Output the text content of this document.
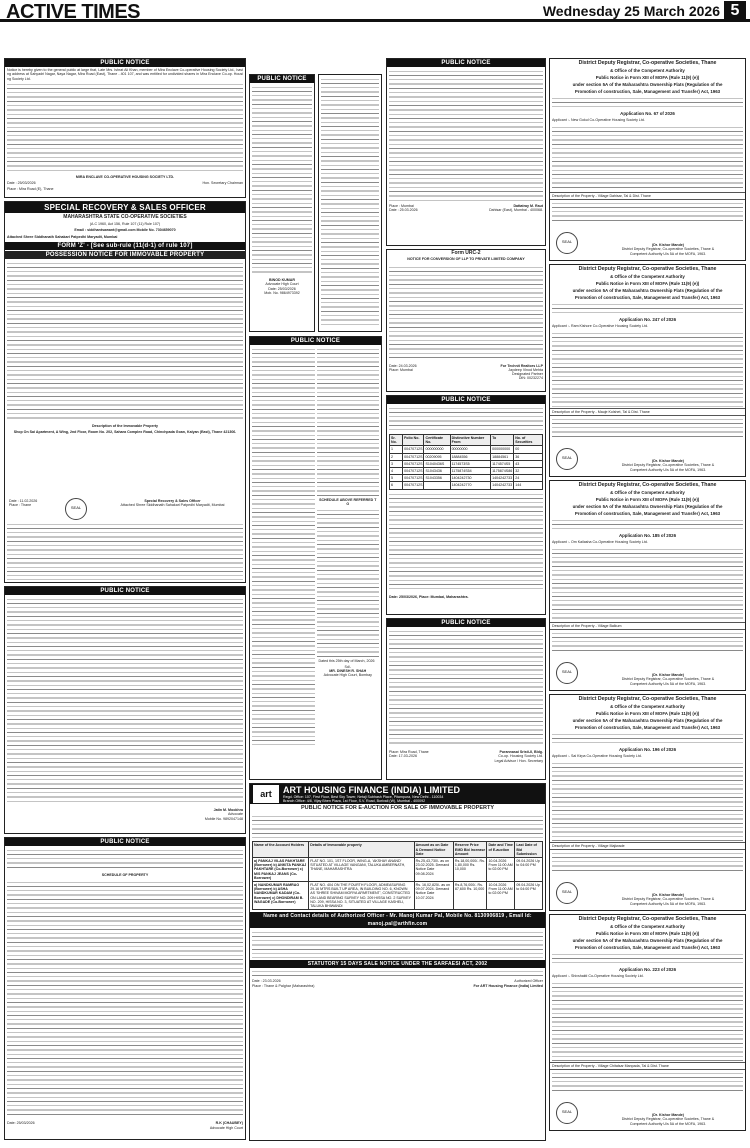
ACTIVE TIMES	Wednesday 25 March 2026 5
PUBLIC NOTICE
Notice is hereby given to the general public at large that, Late Mrs. Ishrat Ali Khan, member of Mira Enclave Co-operative Housing Society Ltd., having address at Sahyadri Nagar, Naya Nagar, Mira Road (East), Thane - 401 107, and was entitled for undivided shares in Mira Enclave Co-op. Housing Society Ltd.
MIRA ENCLAVE CO-OPERATIVE HOUSING SOCIETY LTD.
Date : 25/03/2026	Hon. Secretary Chairman
Place : Mira Road (E), Thane
SPECIAL RECOVERY & SALES OFFICER
MAHARASHTRA STATE CO-OPERATIVE SOCIETIES
(A.C 1960, Act 156, Rule 107 (11) Rule 107)
Email : siddhantsawant@gmail.com Mobile No. 7304659070
Attached Shree Siddhanath Sahakari Patpedhi Maryadit, Mumbai
FORM 'Z' - [See sub-rule (11(d-1) of rule 107]
POSSESSION NOTICE FOR IMMOVABLE PROPERTY
Description of the Immovable Property
Shop On Sai Apartment, A Wing, 2nd Floor, Room No. 202, Sahara Complex Road, Chinchpada Goan, Kalyan (East), Thane 421306.
SEAL
Date : 11.02.2026
Place : Thane
Special Recovery & Sales Officer
Attached Shree Siddhanath Sahakari Patpedhi Maryadit, Mumbai
PUBLIC NOTICE
Jatin M. Mookhra
Advocate
Mobile No. 9892047148
PUBLIC NOTICE
SCHEDULE OF PROPERTY
Date: 25/03/2026	R.K (CHAUBEY)
Advocate High Court
PUBLIC NOTICE
BINOD KUMAR
Advocate High Court
Date: 25/03/2026
Mob. No. 9864973392
PUBLIC NOTICE
SCHEDULE ABOVE REFERRED TO
Dated this 25th day of March, 2026
Sd/-
MR. DINESH R. SHAH
Advocate High Court, Bombay
PUBLIC NOTICE
Place : Mumbai
Date : 25.03.2026
Dattatray M. Raut
Dahisar (East), Mumbai - 400068.
Form URC-2
NOTICE FOR CONVERSION OF LLP TO PRIVATE LIMITED COMPANY
Date: 24.03.2026
Place: Mumbai
For Technit Realtors LLP
Jaydeep Vinod Mehta
Designated Partner
DIN: 00232274
PUBLIC NOTICE
Sr. No.	Folio No.	Certificate No.	Distinctive Number From	To	No. of Securities
1	00470712S	000000000	00000000	000000000	00
2	00470712S	00209095	18884556	18884561	36
3	00470712S	S1040436S	1174573S5	1174574S5	43
4	00470712S	S1043436	1175874S54	1175874S86	32
5	00470712S	S1043356	1404242730	1404242733	24
6	00470712S		1404242770	1404242733	144
Date: 25/03/2026, Place: Mumbai, Maharashtra.
PUBLIC NOTICE
Place: Mira Road, Thane
Date: 17-03-2026
Purannasai Sristi-II, Bldg.
Co-op. Housing Society Ltd.
Legal Advisor / Hon. Secretary
art	ART HOUSING FINANCE (INDIA) LIMITED
Regd. Office: 107, First Floor, Best Sky Tower, Netaji Subhash Place, Pitampura, New Delhi - 110034
Branch Office: 4/8, Vijay Bhen Plaza, 1st Floor, S.V. Road, Borivali (W), Mumbai - 400092
PUBLIC NOTICE FOR E-AUCTION FOR SALE OF IMMOVABLE PROPERTY
Name of the Account Holders	Details of Immovable property	Amount as on Date & Demand Notice Date	Reserve Price EMD Bid Increase Amount	Date and Time of E-auction	Last Date of Bid Submission
a) PANKAJ VILAS PAKHTARE (Borrower) b) ANKITA PANKAJ PAKHTARE (Co-Borrower) c) M/S PANKAJ JEANS (Co-Borrower)	FLAT NO. 101, 1ST FLOOR, WING-A, 'AKSHAY ANAND' SITUATED AT VILLAGE VANGANI, TALUKA AMBERNATH, THANE, MAHARASHTRA	Rs.25,43,730/- as on 23.02.2025. Demand Notice Date 09.08.2024	Rs.18,00,000/- Rs. 1,80,000 Rs. 10,000	10.04.2026 From 11:00 AM to 02:00 PM	09.04.2026 Up to 04:00 PM
a) NANDKUMAR RAMRAO (Borrower) b) ASHA NANDKUMAR KADAM (Co-Borrower) c) DHONDIRAM B. WAGADE (Co-Borrower)	FLAT NO. 404 ON THE FOURTH FLOOR, ADMEASURING 29.16 MTRS BUILT UP AREA, IN BUILDING NO. 6, KNOWN AS 'SHREE SHIVAM MORYA APARTMENT', CONSTRUCTED ON LAND BEARING SURVEY NO. 209 HISSA NO. 2 SURVEY NO. 209, HISSA NO. 3, SITUATED AT VILLAGE KASHELI, TALUKA BHIWANDI	Rs. 16,02,825/- as on 09.07.2024. Demand Notice Date 10.07.2024	Rs.8,76,000/- Rs. 87,600 Rs. 10,000	10.04.2026 From 11:00 AM to 02:00 PM	09.04.2026 Up to 04:00 PM
Name and Contact details of Authorized Officer - Mr. Manoj Kumar Pal, Mobile No. 8130906819 , Email Id: manoj.pal@arthfin.com
STATUTORY 15 DAYS SALE NOTICE UNDER THE SARFAESI ACT, 2002
Date : 23.03.2026
Place : Thane & Palghar (Maharashtra)
Authorized Officer
For ART Housing Finance (India) Limited
District Deputy Registrar, Co-operative Societies, Thane
& Office of the Competent Authority
Public Notice in Form XIII of MOFA (Rule 11(9) (e))
under section 5A of the Maharashtra Ownership Flats (Regulation of the
Promotion of construction, Sale, Management and Transfer) Act, 1963
Application No. 67 of 2026
Applicant :- New Gokul Co-Operative Housing Society Ltd.
Description of the Property - Village Dahisar, Tal & Dist. Thane
SEAL
(Dr. Kishor Mande)
District Deputy Registrar, Co-operative Societies, Thane &
Competent Authority U/s 5A of the MOFA, 1963.
District Deputy Registrar, Co-operative Societies, Thane
& Office of the Competent Authority
Public Notice in Form XIII of MOFA (Rule 11(9) (e))
under section 5A of the Maharashtra Ownership Flats (Regulation of the
Promotion of construction, Sale, Management and Transfer) Act, 1963
Application No. 247 of 2026
Applicant :- Ram Kishore Co-Operative Housing Society Ltd.
Description of the Property - Mauje Kolshet, Tal & Dist. Thane
SEAL
(Dr. Kishor Mande)
District Deputy Registrar, Co-operative Societies, Thane &
Competent Authority U/s 5A of the MOFA, 1963.
District Deputy Registrar, Co-operative Societies, Thane
& Office of the Competent Authority
Public Notice in Form XIII of MOFA (Rule 11(9) (e))
under section 5A of the Maharashtra Ownership Flats (Regulation of the
Promotion of construction, Sale, Management and Transfer) Act, 1963
Application No. 185 of 2026
Applicant :- Om Kailasha Co-Operative Housing Society Ltd.
Description of the Property - Village Balkum
SEAL
(Dr. Kishor Mande)
District Deputy Registrar, Co-operative Societies, Thane &
Competent Authority U/s 5A of the MOFA, 1963.
District Deputy Registrar, Co-operative Societies, Thane
& Office of the Competent Authority
Public Notice in Form XIII of MOFA (Rule 11(9) (e))
under section 5A of the Maharashtra Ownership Flats (Regulation of the
Promotion of construction, Sale, Management and Transfer) Act, 1963
Application No. 196 of 2026
Applicant :- Sai Kirpa Co-Operative Housing Society Ltd.
Description of the Property - Village Majiwade
SEAL
(Dr. Kishor Mande)
District Deputy Registrar, Co-operative Societies, Thane &
Competent Authority U/s 5A of the MOFA, 1963.
District Deputy Registrar, Co-operative Societies, Thane
& Office of the Competent Authority
Public Notice in Form XIII of MOFA (Rule 11(9) (e))
under section 5A of the Maharashtra Ownership Flats (Regulation of the
Promotion of construction, Sale, Management and Transfer) Act, 1963
Application No. 223 of 2026
Applicant :- Shivshakti Co-Operative Housing Society Ltd.
Description of the Property - Village Chitalsar Manpada, Tal & Dist. Thane
SEAL
(Dr. Kishor Mande)
District Deputy Registrar, Co-operative Societies, Thane &
Competent Authority U/s 5A of the MOFA, 1963.
